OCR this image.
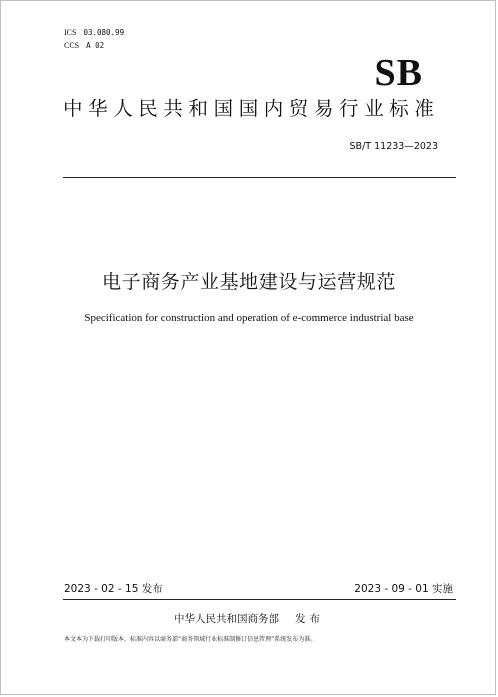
ICS 03.080.99
CCS A 02
SB
中华人民共和国国内贸易行业标准
SB/T 11233—2023
电子商务产业基地建设与运营规范
Specification for construction and operation of e-commerce industrial base
2023 - 02 - 15 发布	2023 - 09 - 01 实施
中华人民共和国商务部 发布
本文本为下载打印版本，标准内容以商务部“商务领域行业标准制修订信息管理”系统发布为准。
